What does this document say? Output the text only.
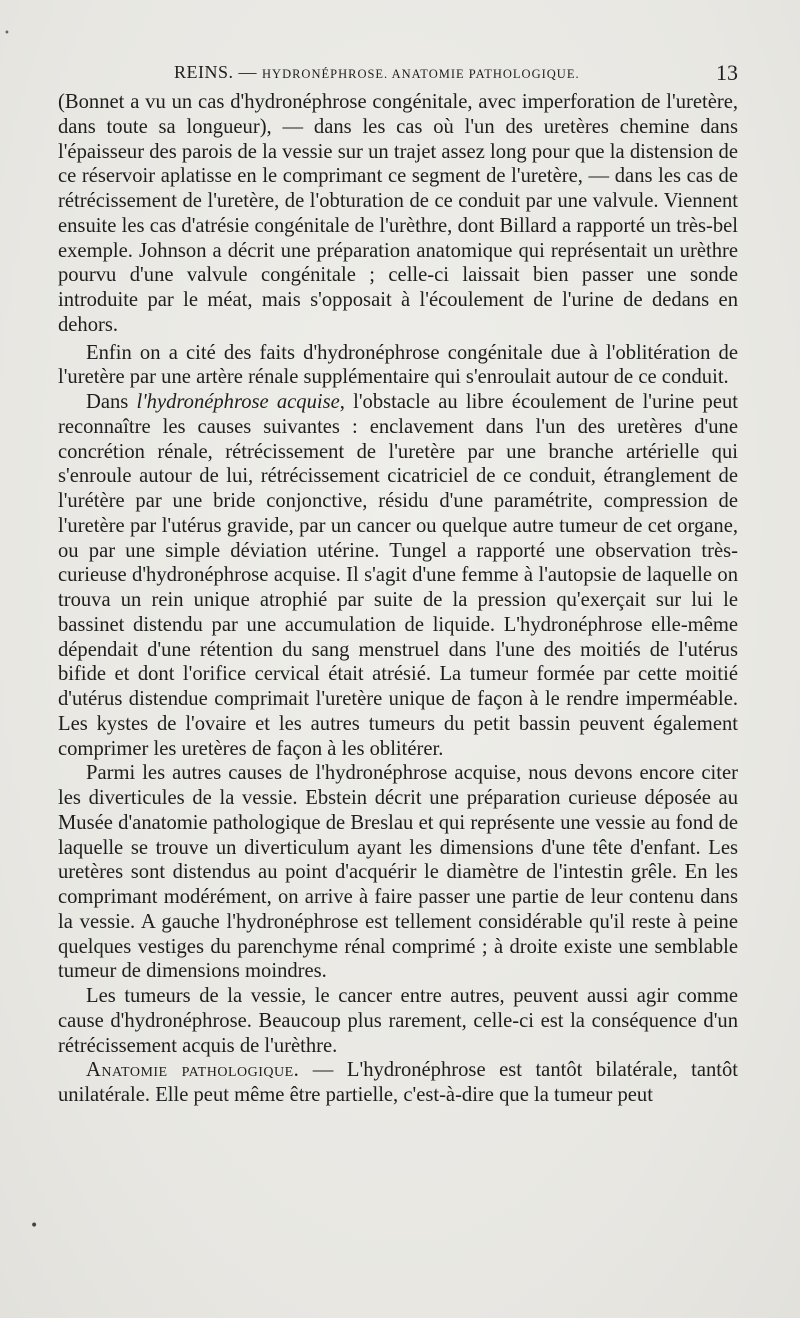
REINS. — HYDRONÉPHROSE. ANATOMIE PATHOLOGIQUE.	13

(Bonnet a vu un cas d'hydronéphrose congénitale, avec imperforation de l'uretère, dans toute sa longueur), — dans les cas où l'un des uretères chemine dans l'épaisseur des parois de la vessie sur un trajet assez long pour que la distension de ce réservoir aplatisse en le comprimant ce segment de l'uretère, — dans les cas de rétrécissement de l'uretère, de l'obturation de ce conduit par une valvule. Viennent ensuite les cas d'atrésie congénitale de l'urèthre, dont Billard a rapporté un très-bel exemple. Johnson a décrit une préparation anatomique qui représentait un urèthre pourvu d'une valvule congénitale ; celle-ci laissait bien passer une sonde introduite par le méat, mais s'opposait à l'écoulement de l'urine de dedans en dehors.

Enfin on a cité des faits d'hydronéphrose congénitale due à l'oblitération de l'uretère par une artère rénale supplémentaire qui s'enroulait autour de ce conduit.

Dans l'hydronéphrose acquise, l'obstacle au libre écoulement de l'urine peut reconnaître les causes suivantes : enclavement dans l'un des uretères d'une concrétion rénale, rétrécissement de l'uretère par une branche artérielle qui s'enroule autour de lui, rétrécissement cicatriciel de ce conduit, étranglement de l'urétère par une bride conjonctive, résidu d'une paramétrite, compression de l'uretère par l'utérus gravide, par un cancer ou quelque autre tumeur de cet organe, ou par une simple déviation utérine. Tungel a rapporté une observation très-curieuse d'hydronéphrose acquise. Il s'agit d'une femme à l'autopsie de laquelle on trouva un rein unique atrophié par suite de la pression qu'exerçait sur lui le bassinet distendu par une accumulation de liquide. L'hydronéphrose elle-même dépendait d'une rétention du sang menstruel dans l'une des moitiés de l'utérus bifide et dont l'orifice cervical était atrésié. La tumeur formée par cette moitié d'utérus distendue comprimait l'uretère unique de façon à le rendre imperméable. Les kystes de l'ovaire et les autres tumeurs du petit bassin peuvent également comprimer les uretères de façon à les oblitérer.

Parmi les autres causes de l'hydronéphrose acquise, nous devons encore citer les diverticules de la vessie. Ebstein décrit une préparation curieuse déposée au Musée d'anatomie pathologique de Breslau et qui représente une vessie au fond de laquelle se trouve un diverticulum ayant les dimensions d'une tête d'enfant. Les uretères sont distendus au point d'acquérir le diamètre de l'intestin grêle. En les comprimant modérément, on arrive à faire passer une partie de leur contenu dans la vessie. A gauche l'hydronéphrose est tellement considérable qu'il reste à peine quelques vestiges du parenchyme rénal comprimé ; à droite existe une semblable tumeur de dimensions moindres.

Les tumeurs de la vessie, le cancer entre autres, peuvent aussi agir comme cause d'hydronéphrose. Beaucoup plus rarement, celle-ci est la conséquence d'un rétrécissement acquis de l'urèthre.

Anatomie pathologique. — L'hydronéphrose est tantôt bilatérale, tantôt unilatérale. Elle peut même être partielle, c'est-à-dire que la tumeur peut

•
•
